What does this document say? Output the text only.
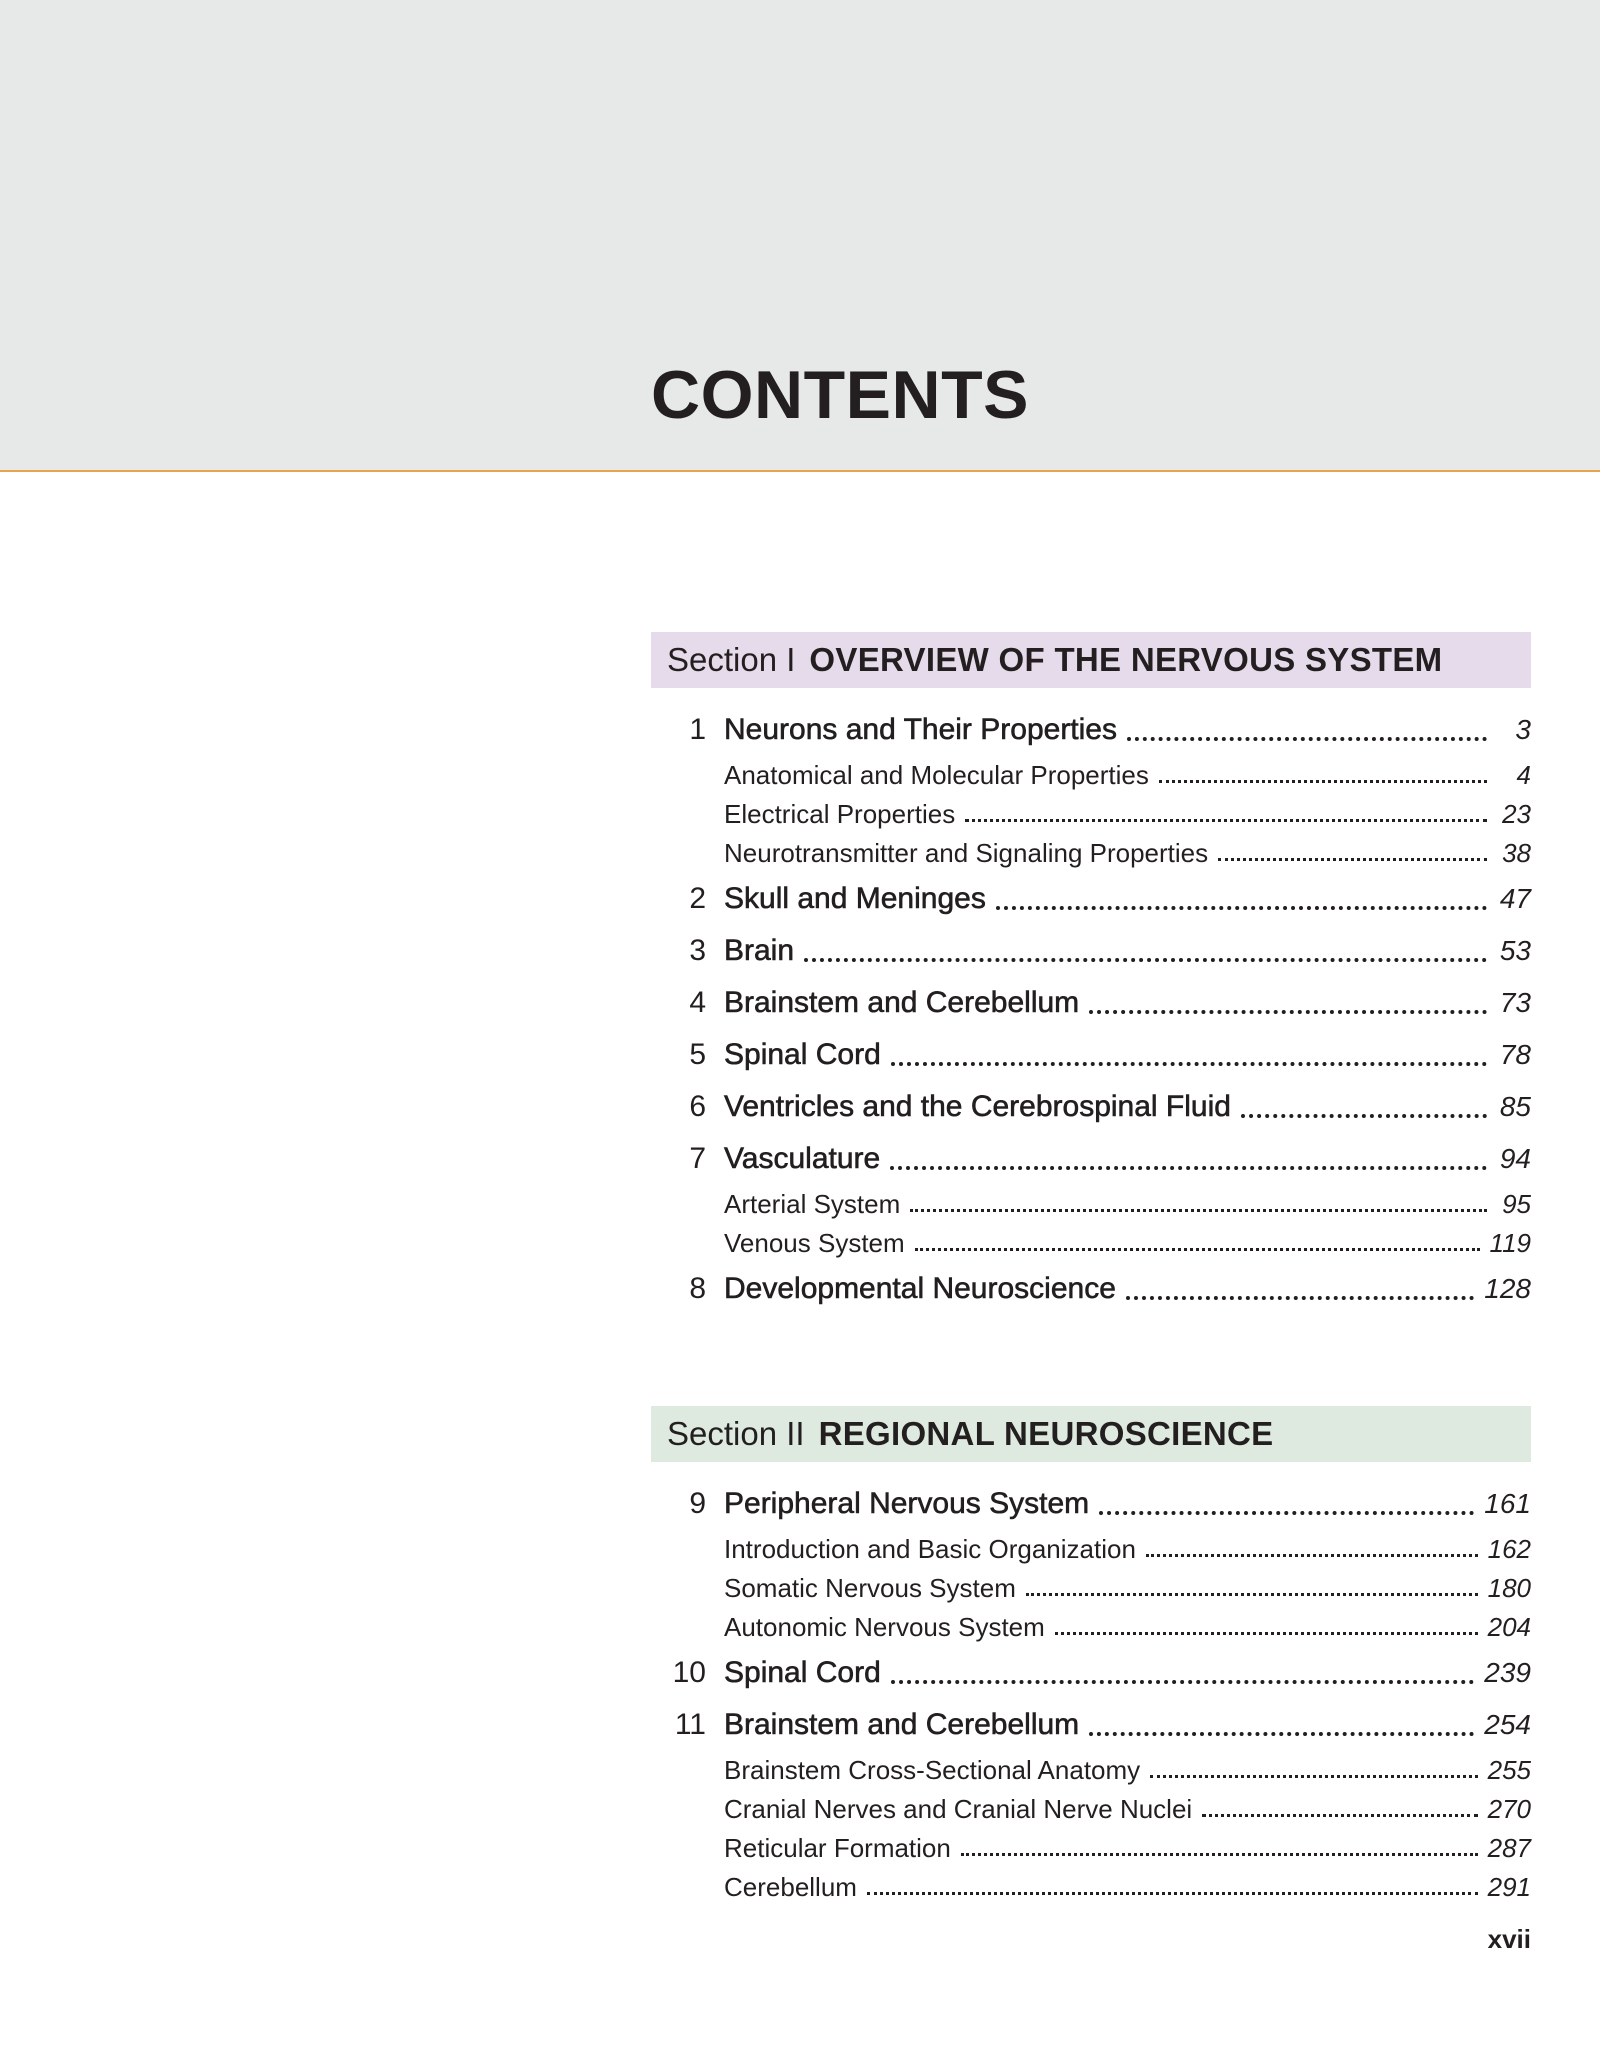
CONTENTS
Section I OVERVIEW OF THE NERVOUS SYSTEM
1 Neurons and Their Properties	3
Anatomical and Molecular Properties	4
Electrical Properties	23
Neurotransmitter and Signaling Properties	38
2 Skull and Meninges	47
3 Brain	53
4 Brainstem and Cerebellum	73
5 Spinal Cord	78
6 Ventricles and the Cerebrospinal Fluid	85
7 Vasculature	94
Arterial System	95
Venous System	119
8 Developmental Neuroscience	128
Section II REGIONAL NEUROSCIENCE
9 Peripheral Nervous System	161
Introduction and Basic Organization	162
Somatic Nervous System	180
Autonomic Nervous System	204
10 Spinal Cord	239
11 Brainstem and Cerebellum	254
Brainstem Cross-Sectional Anatomy	255
Cranial Nerves and Cranial Nerve Nuclei	270
Reticular Formation	287
Cerebellum	291
xvii
